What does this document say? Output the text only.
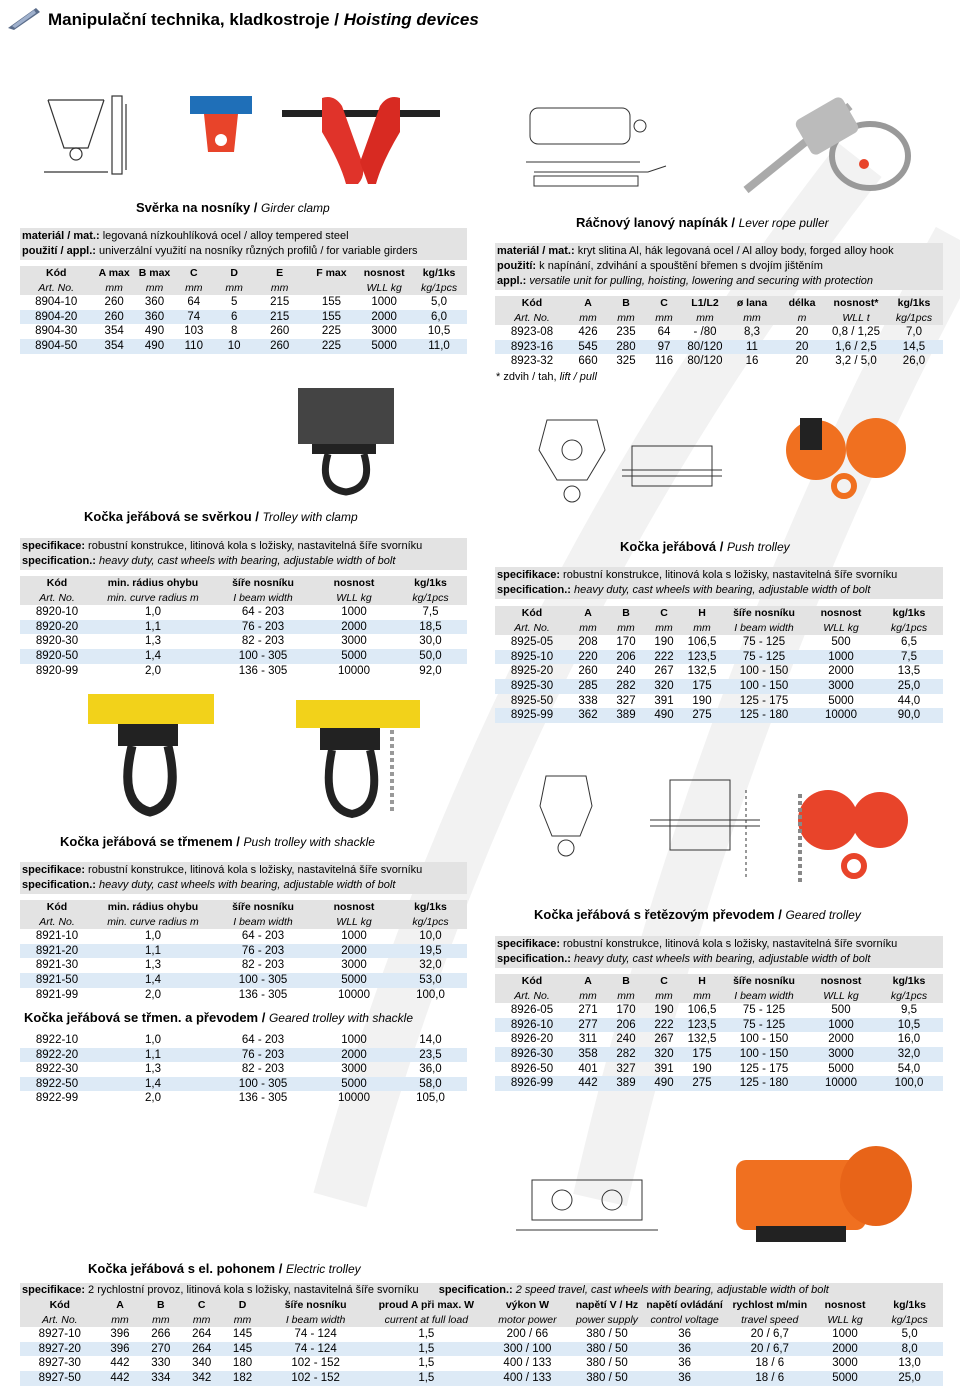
Manipulační technika, kladkostroje / Hoisting devices
Svěrka na nosníky / Girder clamp
materiál / mat.: legovaná nízkouhlíková ocel / alloy tempered steel
použití / appl.: univerzální využití na nosníky různých profilů / for variable girders
Kód	A max	B max	C	D	E	F max	nosnost	kg/1ks
Art. No.	mm	mm	mm	mm	mm		WLL kg	kg/1pcs
8904-10	260	360	64	5	215	155	1000	5,0
8904-20	260	360	74	6	215	155	2000	6,0
8904-30	354	490	103	8	260	225	3000	10,5
8904-50	354	490	110	10	260	225	5000	11,0
Ráčnový lanový napínák / Lever rope puller
materiál / mat.: kryt slitina Al, hák legovaná ocel / Al alloy body, forged alloy hook
použití: k napínání, zdvihání a spouštění břemen s dvojím jištěním
appl.: versatile unit for pulling, hoisting, lowering and securing with protection
Kód	A	B	C	L1/L2	ø lana	délka	nosnost*	kg/1ks
Art. No.	mm	mm	mm	mm	mm	m	WLL t	kg/1pcs
8923-08	426	235	64	- /80	8,3	20	0,8 / 1,25	7,0
8923-16	545	280	97	80/120	11	20	1,6 / 2,5	14,5
8923-32	660	325	116	80/120	16	20	3,2 / 5,0	26,0
* zdvih / tah, lift / pull
Kočka jeřábová se svěrkou / Trolley with clamp
specifikace: robustní konstrukce, litinová kola s ložisky, nastavitelná šíře svorníku
specification.: heavy duty, cast wheels with bearing, adjustable width of bolt
Kód	min. rádius ohybu	šíře nosníku	nosnost	kg/1ks
Art. No.	min. curve radius m	I beam width	WLL kg	kg/1pcs
8920-10	1,0	64 - 203	1000	7,5
8920-20	1,1	76 - 203	2000	18,5
8920-30	1,3	82 - 203	3000	30,0
8920-50	1,4	100 - 305	5000	50,0
8920-99	2,0	136 - 305	10000	92,0
Kočka jeřábová / Push trolley
specifikace: robustní konstrukce, litinová kola s ložisky, nastavitelná šíře svorníku
specification.: heavy duty, cast wheels with bearing, adjustable width of bolt
Kód	A	B	C	H	šíře nosníku	nosnost	kg/1ks
Art. No.	mm	mm	mm	mm	I beam width	WLL kg	kg/1pcs
8925-05	208	170	190	106,5	75 - 125	500	6,5
8925-10	220	206	222	123,5	75 - 125	1000	7,5
8925-20	260	240	267	132,5	100 - 150	2000	13,5
8925-30	285	282	320	175	100 - 150	3000	25,0
8925-50	338	327	391	190	125 - 175	5000	44,0
8925-99	362	389	490	275	125 - 180	10000	90,0
Kočka jeřábová se třmenem / Push trolley with shackle
specifikace: robustní konstrukce, litinová kola s ložisky, nastavitelná šíře svorníku
specification.: heavy duty, cast wheels with bearing, adjustable width of bolt
Kód	min. rádius ohybu	šíře nosníku	nosnost	kg/1ks
Art. No.	min. curve radius m	I beam width	WLL kg	kg/1pcs
8921-10	1,0	64 - 203	1000	10,0
8921-20	1,1	76 - 203	2000	19,5
8921-30	1,3	82 - 203	3000	32,0
8921-50	1,4	100 - 305	5000	53,0
8921-99	2,0	136 - 305	10000	100,0
Kočka jeřábová se třmen. a převodem / Geared trolley with shackle
8922-10	1,0	64 - 203	1000	14,0
8922-20	1,1	76 - 203	2000	23,5
8922-30	1,3	82 - 203	3000	36,0
8922-50	1,4	100 - 305	5000	58,0
8922-99	2,0	136 - 305	10000	105,0
Kočka jeřábová s řetězovým převodem / Geared trolley
specifikace: robustní konstrukce, litinová kola s ložisky, nastavitelná šíře svorníku
specification.: heavy duty, cast wheels with bearing, adjustable width of bolt
Kód	A	B	C	H	šíře nosníku	nosnost	kg/1ks
Art. No.	mm	mm	mm	mm	I beam width	WLL kg	kg/1pcs
8926-05	271	170	190	106,5	75 - 125	500	9,5
8926-10	277	206	222	123,5	75 - 125	1000	10,5
8926-20	311	240	267	132,5	100 - 150	2000	16,0
8926-30	358	282	320	175	100 - 150	3000	32,0
8926-50	401	327	391	190	125 - 175	5000	54,0
8926-99	442	389	490	275	125 - 180	10000	100,0
Kočka jeřábová s el. pohonem / Electric trolley
specifikace: 2 rychlostní provoz, litinová kola s ložisky, nastavitelná šíře svorníku specification.: 2 speed travel, cast wheels with bearing, adjustable width of bolt
Kód	A	B	C	D	šíře nosníku	proud A při max. W	výkon W	napětí V / Hz	napětí ovládání	rychlost m/min	nosnost	kg/1ks
Art. No.	mm	mm	mm	mm	I beam width	current at full load	motor power	power supply	control voltage	travel speed	WLL kg	kg/1pcs
8927-10	396	266	264	145	74 - 124	1,5	200 / 66	380 / 50	36	20 / 6,7	1000	5,0
8927-20	396	270	264	145	74 - 124	1,5	300 / 100	380 / 50	36	20 / 6,7	2000	8,0
8927-30	442	330	340	180	102 - 152	1,5	400 / 133	380 / 50	36	18 / 6	3000	13,0
8927-50	442	334	342	182	102 - 152	1,5	400 / 133	380 / 50	36	18 / 6	5000	25,0
